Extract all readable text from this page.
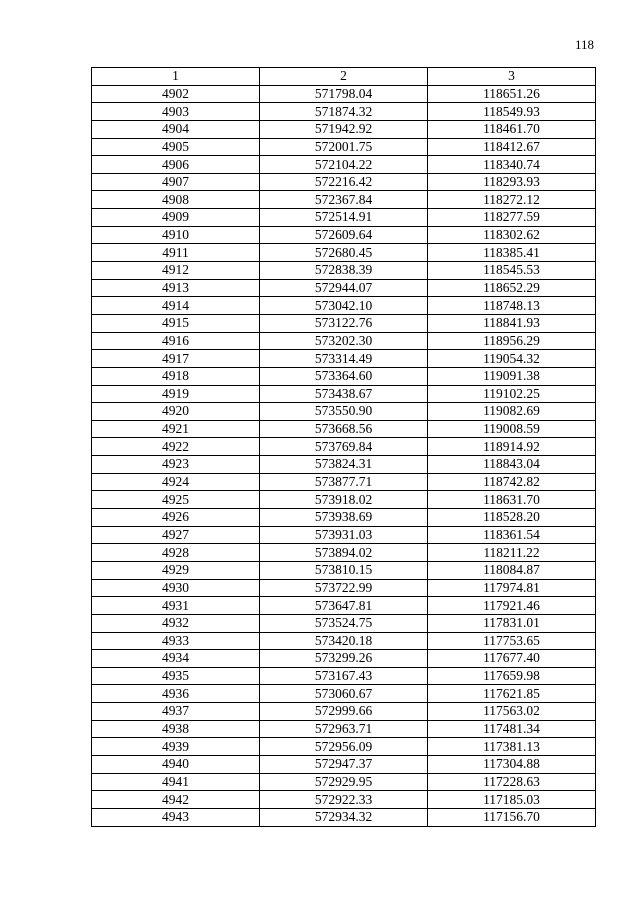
118
1	2	3
4902	571798.04	118651.26
4903	571874.32	118549.93
4904	571942.92	118461.70
4905	572001.75	118412.67
4906	572104.22	118340.74
4907	572216.42	118293.93
4908	572367.84	118272.12
4909	572514.91	118277.59
4910	572609.64	118302.62
4911	572680.45	118385.41
4912	572838.39	118545.53
4913	572944.07	118652.29
4914	573042.10	118748.13
4915	573122.76	118841.93
4916	573202.30	118956.29
4917	573314.49	119054.32
4918	573364.60	119091.38
4919	573438.67	119102.25
4920	573550.90	119082.69
4921	573668.56	119008.59
4922	573769.84	118914.92
4923	573824.31	118843.04
4924	573877.71	118742.82
4925	573918.02	118631.70
4926	573938.69	118528.20
4927	573931.03	118361.54
4928	573894.02	118211.22
4929	573810.15	118084.87
4930	573722.99	117974.81
4931	573647.81	117921.46
4932	573524.75	117831.01
4933	573420.18	117753.65
4934	573299.26	117677.40
4935	573167.43	117659.98
4936	573060.67	117621.85
4937	572999.66	117563.02
4938	572963.71	117481.34
4939	572956.09	117381.13
4940	572947.37	117304.88
4941	572929.95	117228.63
4942	572922.33	117185.03
4943	572934.32	117156.70
